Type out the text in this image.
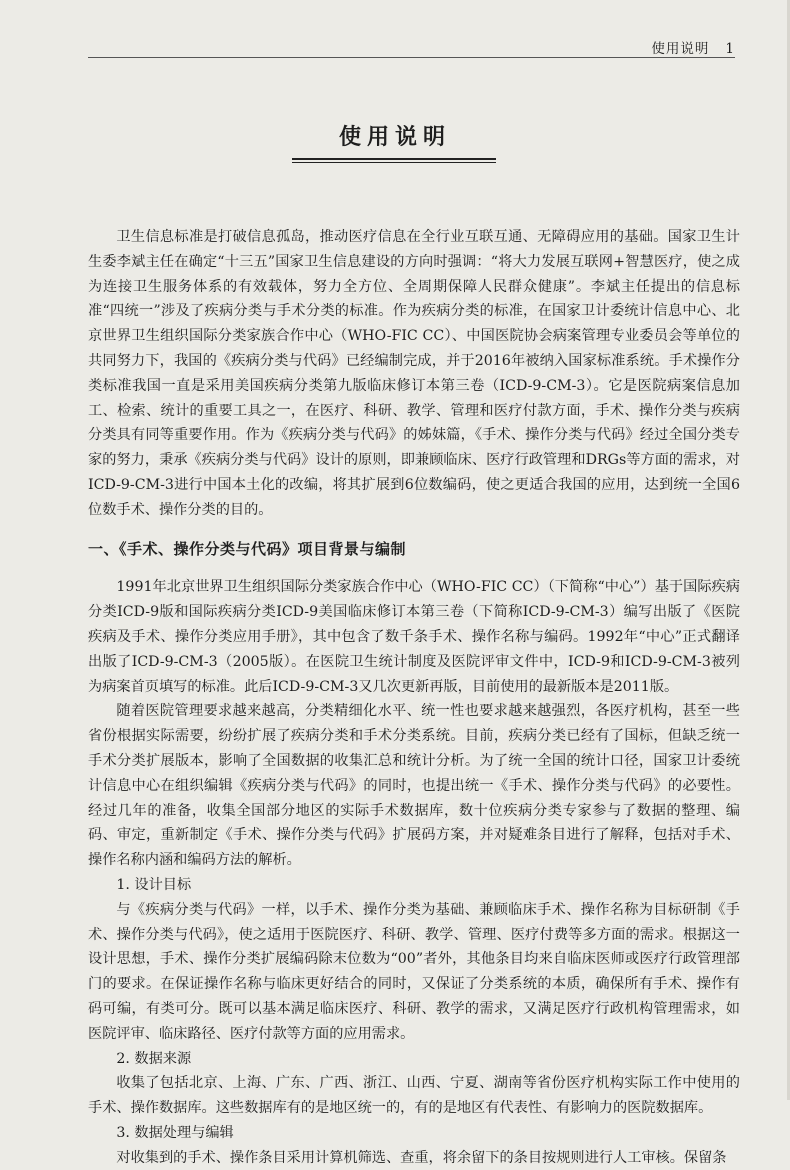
使用说明 1
使用说明

卫生信息标准是打破信息孤岛，推动医疗信息在全行业互联互通、无障碍应用的基础。国家卫生计生委李斌主任在确定“十三五”国家卫生信息建设的方向时强调：“将大力发展互联网+智慧医疗，使之成为连接卫生服务体系的有效载体，努力全方位、全周期保障人民群众健康”。李斌主任提出的信息标准“四统一”涉及了疾病分类与手术分类的标准。作为疾病分类的标准，在国家卫计委统计信息中心、北京世界卫生组织国际分类家族合作中心（WHO-FIC CC）、中国医院协会病案管理专业委员会等单位的共同努力下，我国的《疾病分类与代码》已经编制完成，并于2016年被纳入国家标准系统。手术操作分类标准我国一直是采用美国疾病分类第九版临床修订本第三卷（ICD-9-CM-3）。它是医院病案信息加工、检索、统计的重要工具之一，在医疗、科研、教学、管理和医疗付款方面，手术、操作分类与疾病分类具有同等重要作用。作为《疾病分类与代码》的姊妹篇，《手术、操作分类与代码》经过全国分类专家的努力，秉承《疾病分类与代码》设计的原则，即兼顾临床、医疗行政管理和DRGs等方面的需求，对ICD-9-CM-3进行中国本土化的改编，将其扩展到6位数编码，使之更适合我国的应用，达到统一全国6位数手术、操作分类的目的。

一、《手术、操作分类与代码》项目背景与编制

1991年北京世界卫生组织国际分类家族合作中心（WHO-FIC CC）（下简称“中心”）基于国际疾病分类ICD-9版和国际疾病分类ICD-9美国临床修订本第三卷（下简称ICD-9-CM-3）编写出版了《医院疾病及手术、操作分类应用手册》，其中包含了数千条手术、操作名称与编码。1992年“中心”正式翻译出版了ICD-9-CM-3（2005版）。在医院卫生统计制度及医院评审文件中，ICD-9和ICD-9-CM-3被列为病案首页填写的标准。此后ICD-9-CM-3又几次更新再版，目前使用的最新版本是2011版。

随着医院管理要求越来越高，分类精细化水平、统一性也要求越来越强烈，各医疗机构，甚至一些省份根据实际需要，纷纷扩展了疾病分类和手术分类系统。目前，疾病分类已经有了国标，但缺乏统一手术分类扩展版本，影响了全国数据的收集汇总和统计分析。为了统一全国的统计口径，国家卫计委统计信息中心在组织编辑《疾病分类与代码》的同时，也提出统一《手术、操作分类与代码》的必要性。经过几年的准备，收集全国部分地区的实际手术数据库，数十位疾病分类专家参与了数据的整理、编码、审定，重新制定《手术、操作分类与代码》扩展码方案，并对疑难条目进行了解释，包括对手术、操作名称内涵和编码方法的解析。

1. 设计目标

与《疾病分类与代码》一样，以手术、操作分类为基础、兼顾临床手术、操作名称为目标研制《手术、操作分类与代码》，使之适用于医院医疗、科研、教学、管理、医疗付费等多方面的需求。根据这一设计思想，手术、操作分类扩展编码除末位数为“00”者外，其他条目均来自临床医师或医疗行政管理部门的要求。在保证操作名称与临床更好结合的同时，又保证了分类系统的本质，确保所有手术、操作有码可编，有类可分。既可以基本满足临床医疗、科研、教学的需求，又满足医疗行政机构管理需求，如医院评审、临床路径、医疗付款等方面的应用需求。

2. 数据来源

收集了包括北京、上海、广东、广西、浙江、山西、宁夏、湖南等省份医疗机构实际工作中使用的手术、操作数据库。这些数据库有的是地区统一的，有的是地区有代表性、有影响力的医院数据库。

3. 数据处理与编辑

对收集到的手术、操作条目采用计算机筛选、查重，将余留下的条目按规则进行人工审核。保留条
